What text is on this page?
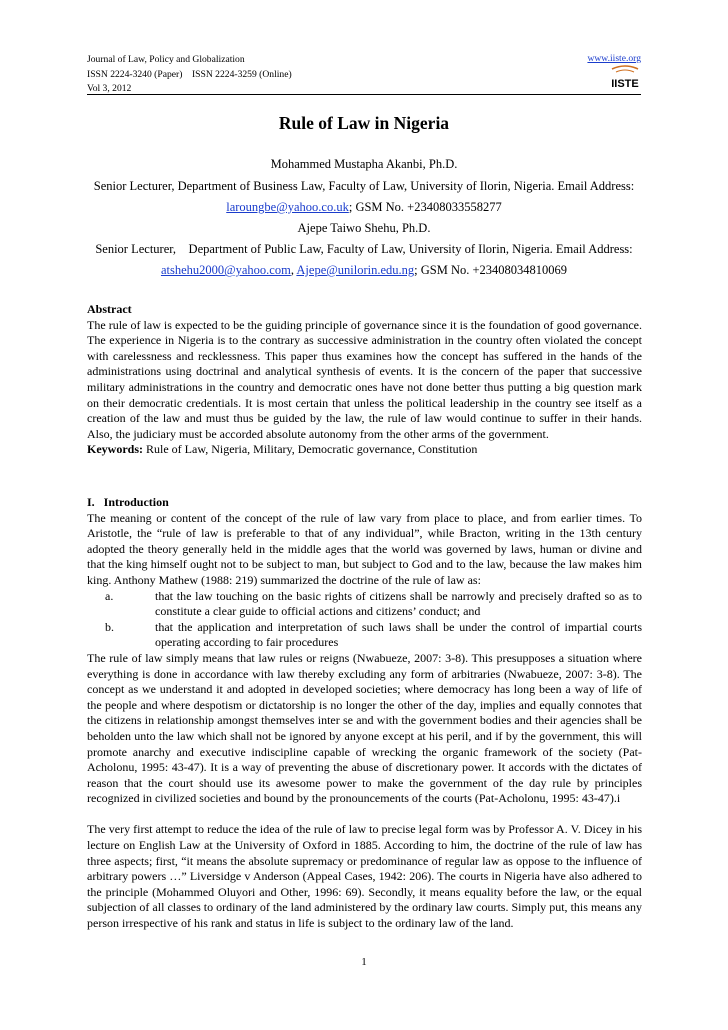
Journal of Law, Policy and Globalization
ISSN 2224-3240 (Paper)    ISSN 2224-3259 (Online)
Vol 3, 2012
www.iiste.org
IISTE
Rule of Law in Nigeria
Mohammed Mustapha Akanbi, Ph.D.
Senior Lecturer, Department of Business Law, Faculty of Law, University of Ilorin, Nigeria. Email Address:
laroungbe@yahoo.co.uk; GSM No. +23408033558277
Ajepe Taiwo Shehu, Ph.D.
Senior Lecturer,    Department of Public Law, Faculty of Law, University of Ilorin, Nigeria. Email Address:
atshehu2000@yahoo.com, Ajepe@unilorin.edu.ng; GSM No. +23408034810069
Abstract

The rule of law is expected to be the guiding principle of governance since it is the foundation of good governance. The experience in Nigeria is to the contrary as successive administration in the country often violated the concept with carelessness and recklessness. This paper thus examines how the concept has suffered in the hands of the administrations using doctrinal and analytical synthesis of events. It is the concern of the paper that successive military administrations in the country and democratic ones have not done better thus putting a big question mark on their democratic credentials. It is most certain that unless the political leadership in the country see itself as a creation of the law and must thus be guided by the law, the rule of law would continue to suffer in their hands. Also, the judiciary must be accorded absolute autonomy from the other arms of the government.

Keywords: Rule of Law, Nigeria, Military, Democratic governance, Constitution

I.   Introduction

The meaning or content of the concept of the rule of law vary from place to place, and from earlier times. To Aristotle, the “rule of law is preferable to that of any individual”, while Bracton, writing in the 13th century adopted the theory generally held in the middle ages that the world was governed by laws, human or divine and that the king himself ought not to be subject to man, but subject to God and to the law, because the law makes him king. Anthony Mathew (1988: 219) summarized the doctrine of the rule of law as:

a.	that the law touching on the basic rights of citizens shall be narrowly and precisely drafted so as to constitute a clear guide to official actions and citizens’ conduct; and
b.	that the application and interpretation of such laws shall be under the control of impartial courts operating according to fair procedures

The rule of law simply means that law rules or reigns (Nwabueze, 2007: 3-8). This presupposes a situation where everything is done in accordance with law thereby excluding any form of arbitraries (Nwabueze, 2007: 3-8). The concept as we understand it and adopted in developed societies; where democracy has long been a way of life of the people and where despotism or dictatorship is no longer the other of the day, implies and equally connotes that the citizens in relationship amongst themselves inter se and with the government bodies and their agencies shall be beholden unto the law which shall not be ignored by anyone except at his peril, and if by the government, this will promote anarchy and executive indiscipline capable of wrecking the organic framework of the society (Pat-Acholonu, 1995: 43-47). It is a way of preventing the abuse of discretionary power. It accords with the dictates of reason that the court should use its awesome power to make the government of the day rule by principles recognized in civilized societies and bound by the pronouncements of the courts (Pat-Acholonu, 1995: 43-47).i

The very first attempt to reduce the idea of the rule of law to precise legal form was by Professor A. V. Dicey in his lecture on English Law at the University of Oxford in 1885. According to him, the doctrine of the rule of law has three aspects; first, “it means the absolute supremacy or predominance of regular law as oppose to the influence of arbitrary powers …” Liversidge v Anderson (Appeal Cases, 1942: 206). The courts in Nigeria have also adhered to the principle (Mohammed Oluyori and Other, 1996: 69). Secondly, it means equality before the law, or the equal subjection of all classes to ordinary of the land administered by the ordinary law courts. Simply put, this means any person irrespective of his rank and status in life is subject to the ordinary law of the land.

1
